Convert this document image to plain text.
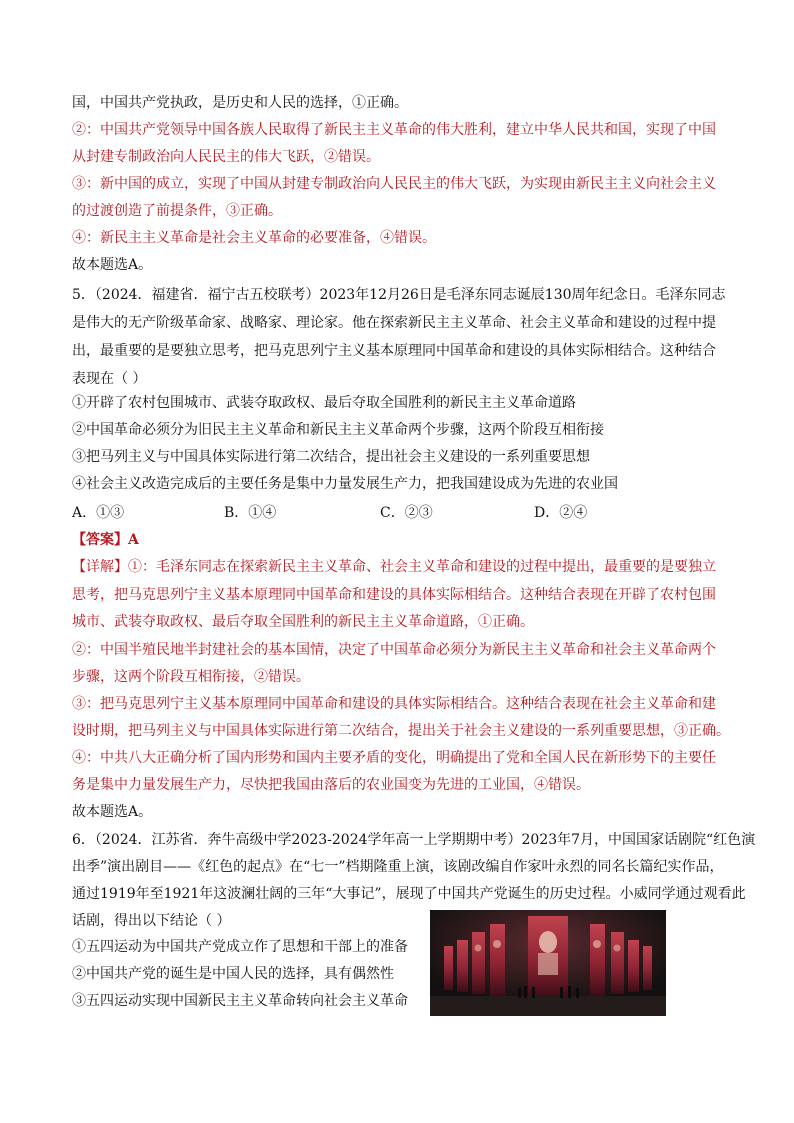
国，中国共产党执政，是历史和人民的选择，①正确。
②：中国共产党领导中国各族人民取得了新民主主义革命的伟大胜利，建立中华人民共和国，实现了中国
从封建专制政治向人民民主的伟大飞跃，②错误。
③：新中国的成立，实现了中国从封建专制政治向人民民主的伟大飞跃，为实现由新民主主义向社会主义
的过渡创造了前提条件，③正确。
④：新民主主义革命是社会主义革命的必要准备，④错误。
故本题选A。
5．（2024．福建省．福宁古五校联考）2023年12月26日是毛泽东同志诞辰130周年纪念日。毛泽东同志
是伟大的无产阶级革命家、战略家、理论家。他在探索新民主主义革命、社会主义革命和建设的过程中提
出，最重要的是要独立思考，把马克思列宁主义基本原理同中国革命和建设的具体实际相结合。这种结合
表现在（ ）
①开辟了农村包围城市、武装夺取政权、最后夺取全国胜利的新民主主义革命道路
②中国革命必须分为旧民主主义革命和新民主主义革命两个步骤，这两个阶段互相衔接
③把马列主义与中国具体实际进行第二次结合，提出社会主义建设的一系列重要思想
④社会主义改造完成后的主要任务是集中力量发展生产力，把我国建设成为先进的农业国
A．①③	B．①④	C．②③	D．②④
【答案】A
【详解】①：毛泽东同志在探索新民主主义革命、社会主义革命和建设的过程中提出，最重要的是要独立
思考，把马克思列宁主义基本原理同中国革命和建设的具体实际相结合。这种结合表现在开辟了农村包围
城市、武装夺取政权、最后夺取全国胜利的新民主主义革命道路，①正确。
②：中国半殖民地半封建社会的基本国情，决定了中国革命必须分为新民主主义革命和社会主义革命两个
步骤，这两个阶段互相衔接，②错误。
③：把马克思列宁主义基本原理同中国革命和建设的具体实际相结合。这种结合表现在社会主义革命和建
设时期，把马列主义与中国具体实际进行第二次结合，提出关于社会主义建设的一系列重要思想，③正确。
④：中共八大正确分析了国内形势和国内主要矛盾的变化，明确提出了党和全国人民在新形势下的主要任
务是集中力量发展生产力，尽快把我国由落后的农业国变为先进的工业国，④错误。
故本题选A。
6．（2024．江苏省．奔牛高级中学2023-2024学年高一上学期期中考）2023年7月，中国国家话剧院“红色演
出季”演出剧目——《红色的起点》在“七一”档期隆重上演，该剧改编自作家叶永烈的同名长篇纪实作品，
通过1919年至1921年这波澜壮阔的三年“大事记”，展现了中国共产党诞生的历史过程。小威同学通过观看此
话剧，得出以下结论（ ）
①五四运动为中国共产党成立作了思想和干部上的准备
②中国共产党的诞生是中国人民的选择，具有偶然性
③五四运动实现中国新民主主义革命转向社会主义革命
